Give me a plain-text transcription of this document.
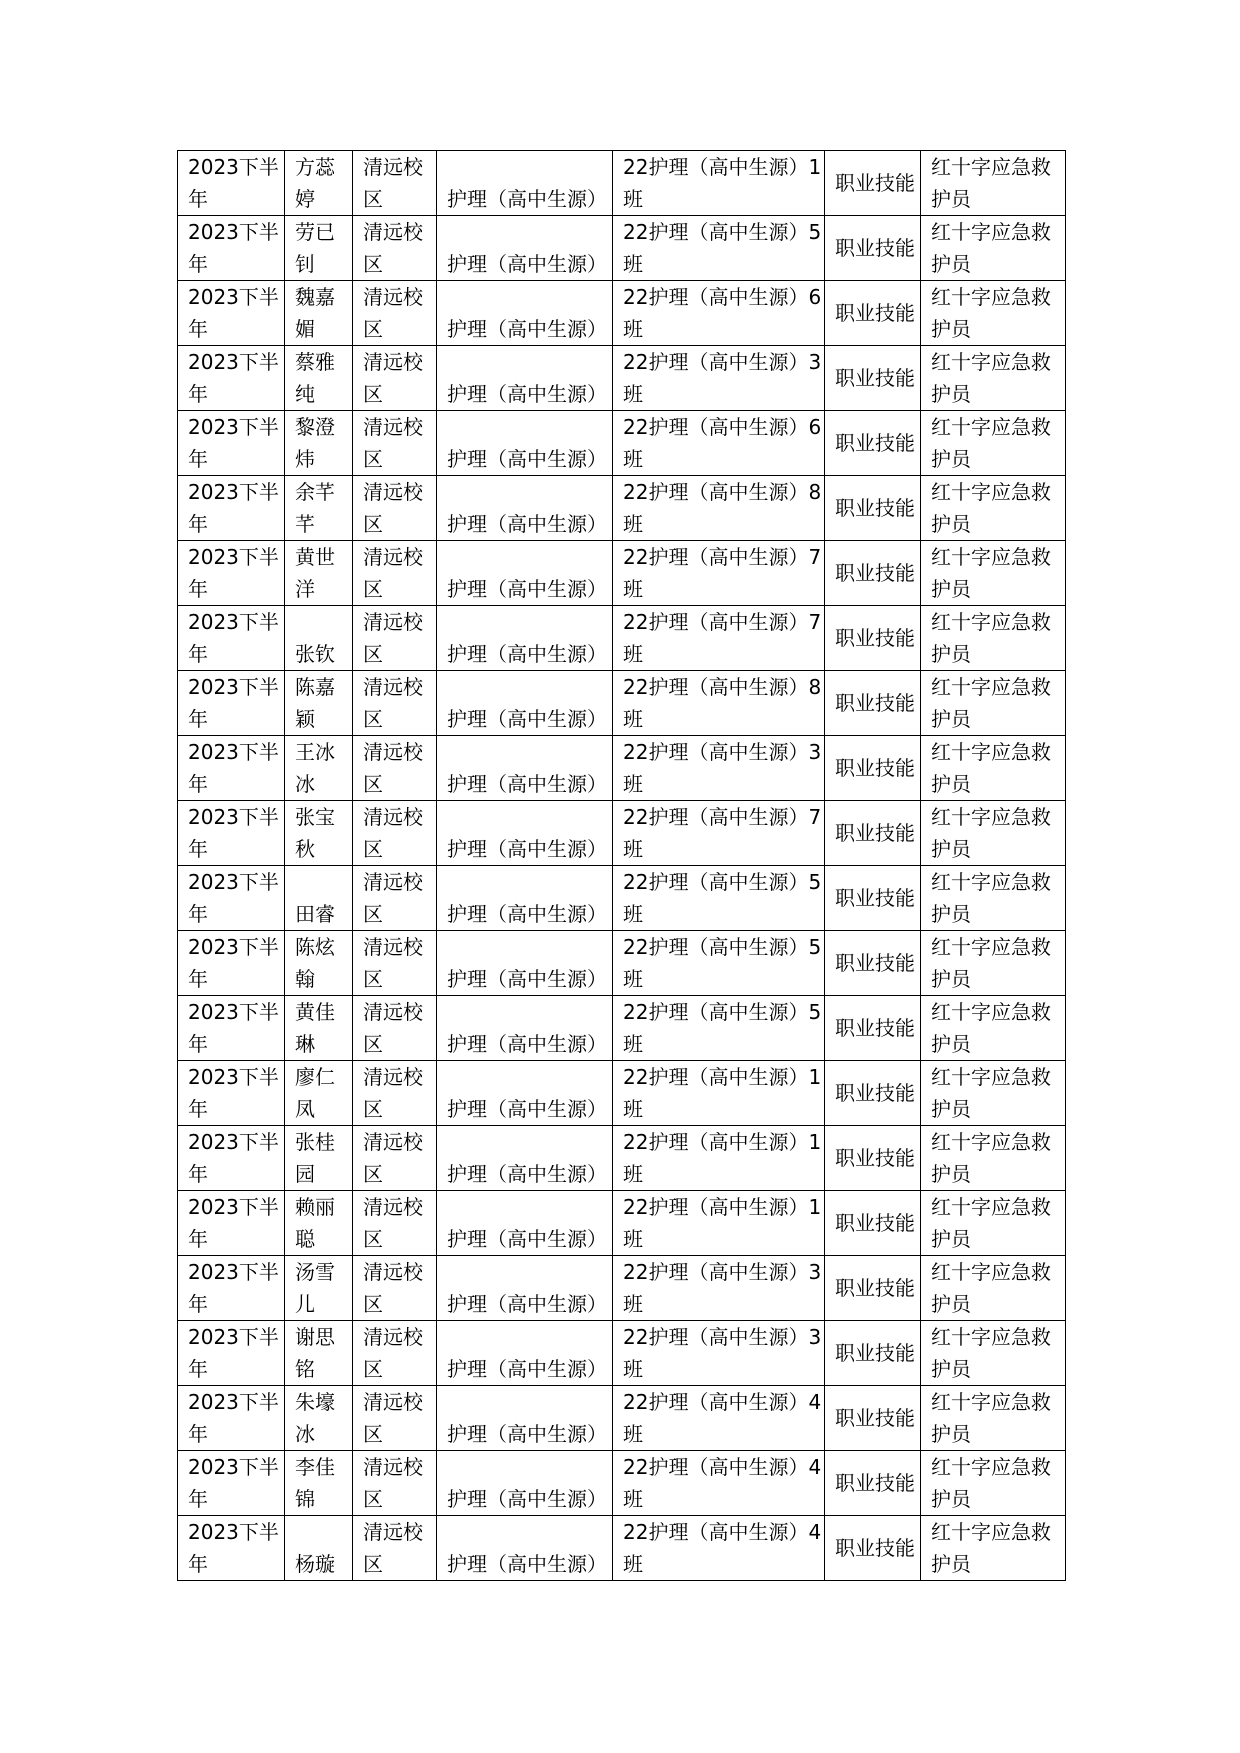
2023下半年	方蕊婷	清远校区	护理（高中生源）	22护理（高中生源）1班	职业技能	红十字应急救护员

2023下半年	劳已钊	清远校区	护理（高中生源）	22护理（高中生源）5班	职业技能	红十字应急救护员

2023下半年	魏嘉媚	清远校区	护理（高中生源）	22护理（高中生源）6班	职业技能	红十字应急救护员

2023下半年	蔡雅纯	清远校区	护理（高中生源）	22护理（高中生源）3班	职业技能	红十字应急救护员

2023下半年	黎澄炜	清远校区	护理（高中生源）	22护理（高中生源）6班	职业技能	红十字应急救护员

2023下半年	余芊芊	清远校区	护理（高中生源）	22护理（高中生源）8班	职业技能	红十字应急救护员

2023下半年	黄世洋	清远校区	护理（高中生源）	22护理（高中生源）7班	职业技能	红十字应急救护员

2023下半年	张钦	清远校区	护理（高中生源）	22护理（高中生源）7班	职业技能	红十字应急救护员

2023下半年	陈嘉颖	清远校区	护理（高中生源）	22护理（高中生源）8班	职业技能	红十字应急救护员

2023下半年	王冰冰	清远校区	护理（高中生源）	22护理（高中生源）3班	职业技能	红十字应急救护员

2023下半年	张宝秋	清远校区	护理（高中生源）	22护理（高中生源）7班	职业技能	红十字应急救护员

2023下半年	田睿	清远校区	护理（高中生源）	22护理（高中生源）5班	职业技能	红十字应急救护员

2023下半年	陈炫翰	清远校区	护理（高中生源）	22护理（高中生源）5班	职业技能	红十字应急救护员

2023下半年	黄佳琳	清远校区	护理（高中生源）	22护理（高中生源）5班	职业技能	红十字应急救护员

2023下半年	廖仁凤	清远校区	护理（高中生源）	22护理（高中生源）1班	职业技能	红十字应急救护员

2023下半年	张桂园	清远校区	护理（高中生源）	22护理（高中生源）1班	职业技能	红十字应急救护员

2023下半年	赖丽聪	清远校区	护理（高中生源）	22护理（高中生源）1班	职业技能	红十字应急救护员

2023下半年	汤雪儿	清远校区	护理（高中生源）	22护理（高中生源）3班	职业技能	红十字应急救护员

2023下半年	谢思铭	清远校区	护理（高中生源）	22护理（高中生源）3班	职业技能	红十字应急救护员

2023下半年	朱壕冰	清远校区	护理（高中生源）	22护理（高中生源）4班	职业技能	红十字应急救护员

2023下半年	李佳锦	清远校区	护理（高中生源）	22护理（高中生源）4班	职业技能	红十字应急救护员

2023下半年	杨璇	清远校区	护理（高中生源）	22护理（高中生源）4班	职业技能	红十字应急救护员
